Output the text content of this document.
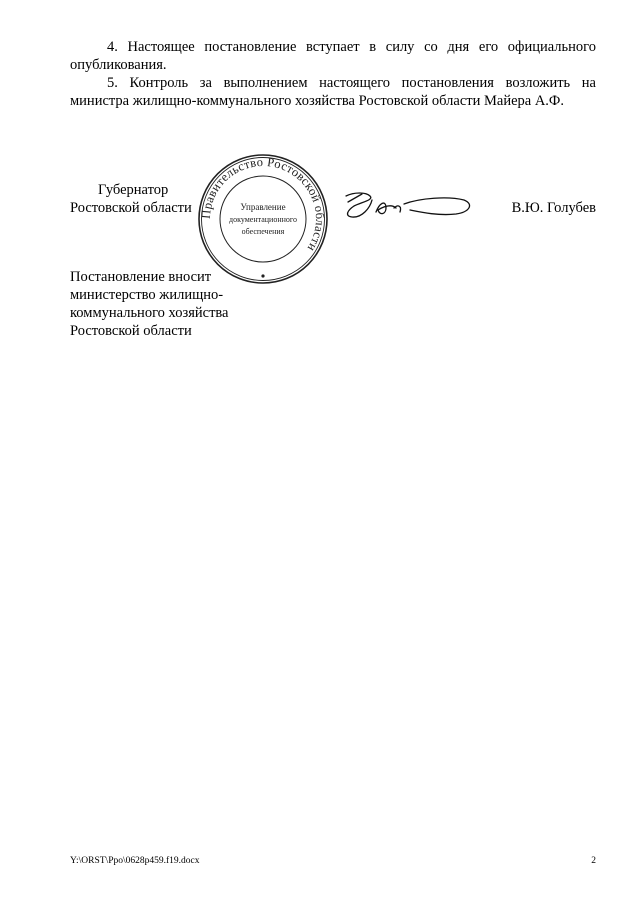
4. Настоящее постановление вступает в силу со дня его официального опубликования.

5. Контроль за выполнением настоящего постановления возложить на министра жилищно-коммунального хозяйства Ростовской области Майера А.Ф.

Губернатор
Ростовской области Правительство Ростовской области
Управление
документационного
обеспечения
В.Ю. Голубев
Постановление вносит
министерство жилищно-
коммунального хозяйства
Ростовской области
Y:\ORST\Ppo\0628p459.f19.docx	2
